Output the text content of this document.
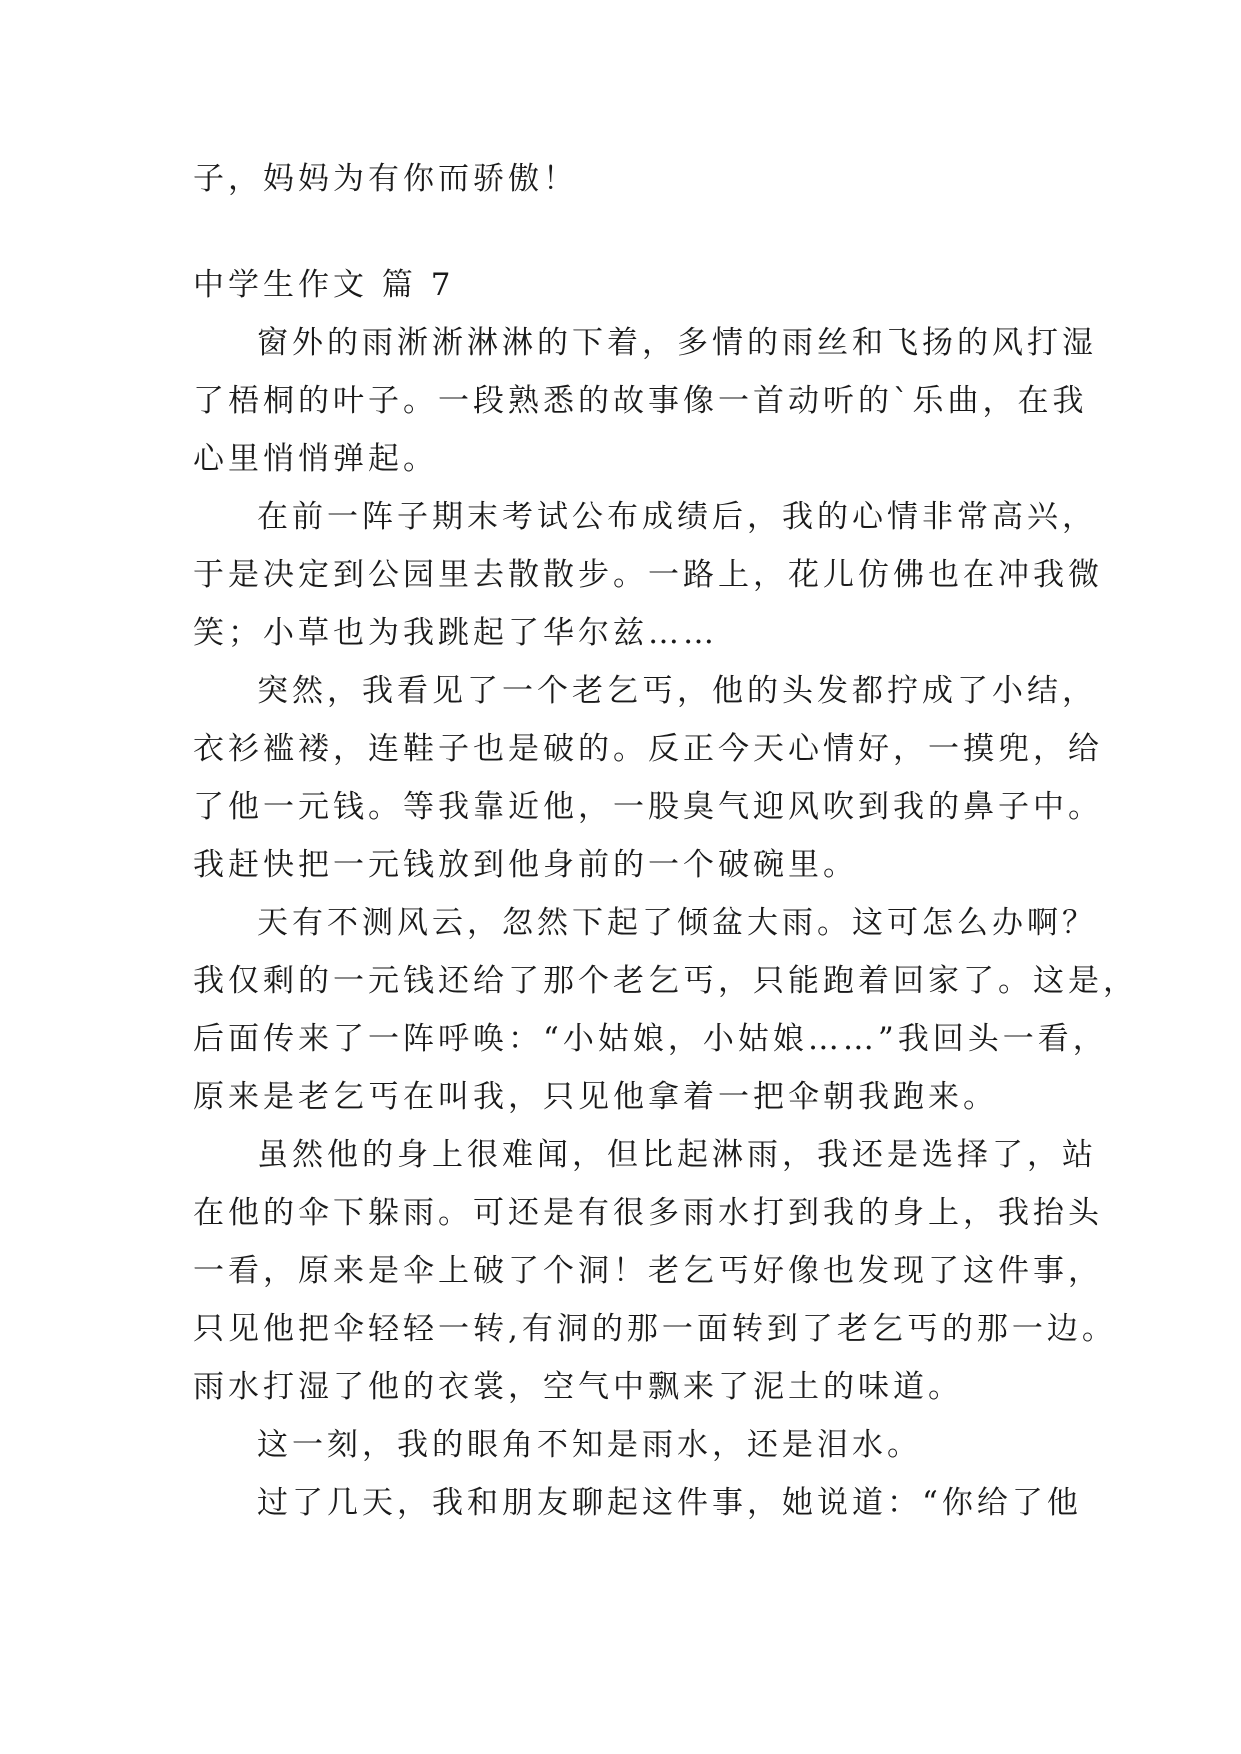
子，妈妈为有你而骄傲！

中学生作文 篇 7

窗外的雨淅淅淋淋的下着，多情的雨丝和飞扬的风打湿

了梧桐的叶子。一段熟悉的故事像一首动听的`乐曲，在我

心里悄悄弹起。

在前一阵子期末考试公布成绩后，我的心情非常高兴，

于是决定到公园里去散散步。一路上，花儿仿佛也在冲我微

笑；小草也为我跳起了华尔兹……

突然，我看见了一个老乞丐，他的头发都拧成了小结，

衣衫褴褛，连鞋子也是破的。反正今天心情好，一摸兜，给

了他一元钱。等我靠近他，一股臭气迎风吹到我的鼻子中。

我赶快把一元钱放到他身前的一个破碗里。

天有不测风云，忽然下起了倾盆大雨。这可怎么办啊？

我仅剩的一元钱还给了那个老乞丐，只能跑着回家了。这是，

后面传来了一阵呼唤：“小姑娘，小姑娘……”我回头一看，

原来是老乞丐在叫我，只见他拿着一把伞朝我跑来。

虽然他的身上很难闻，但比起淋雨，我还是选择了，站

在他的伞下躲雨。可还是有很多雨水打到我的身上，我抬头

一看，原来是伞上破了个洞！老乞丐好像也发现了这件事，

只见他把伞轻轻一转,有洞的那一面转到了老乞丐的那一边。

雨水打湿了他的衣裳，空气中飘来了泥土的味道。

这一刻，我的眼角不知是雨水，还是泪水。

过了几天，我和朋友聊起这件事，她说道：“你给了他
